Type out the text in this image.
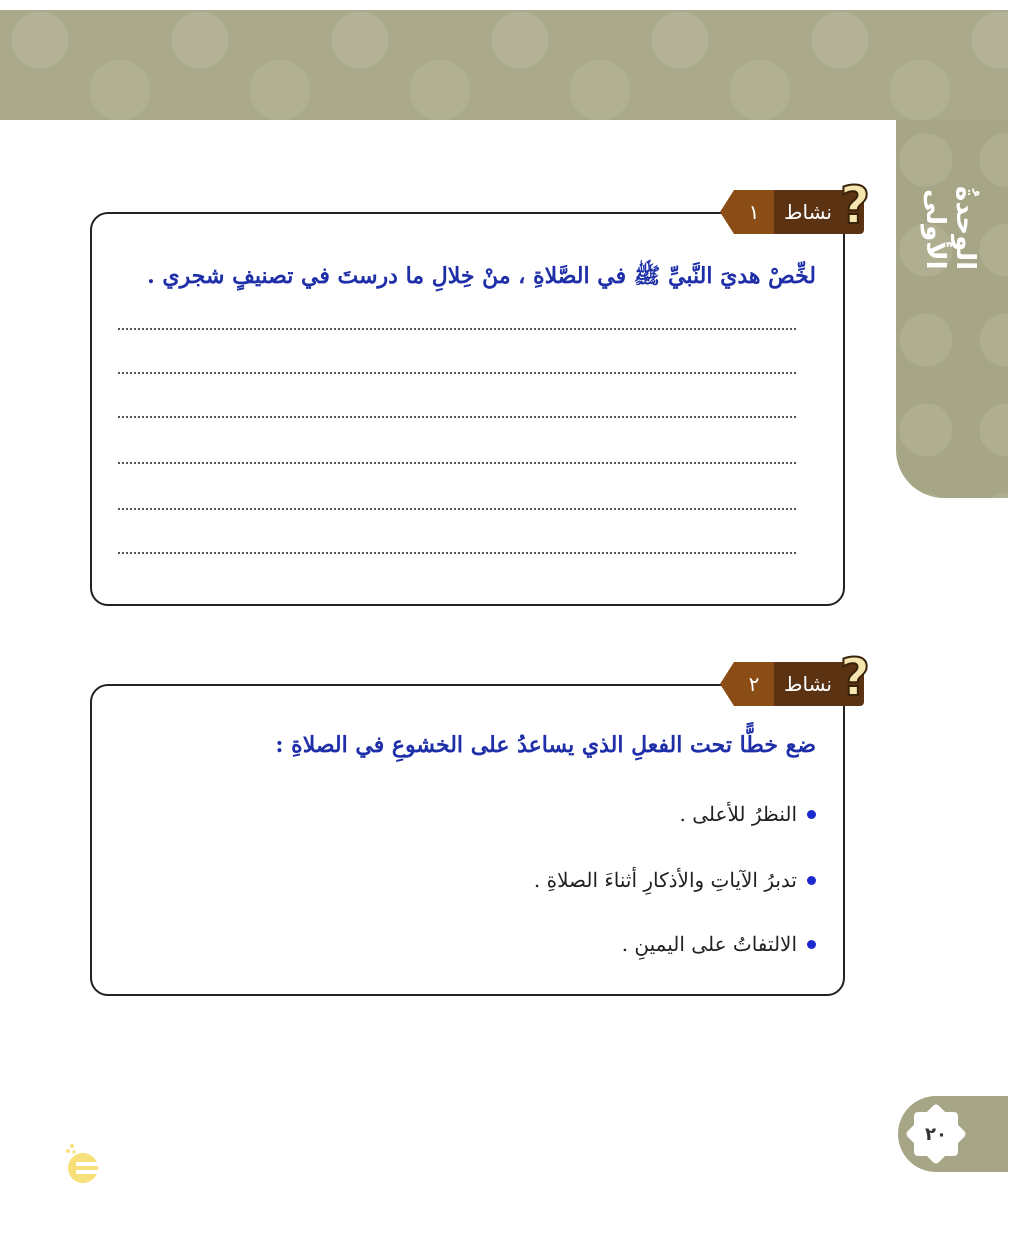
الوحدةُ الأولى
١	نشاط ?
لخِّصْ هديَ النَّبيِّ ﷺ في الصَّلاةِ ، منْ خِلالِ ما درستَ في تصنيفٍ شجري .
٢	نشاط ?
ضع خطًّا تحت الفعلِ الذي يساعدُ على الخشوعِ في الصلاةِ :
النظرُ للأعلى .
تدبرُ الآياتِ والأذكارِ أثناءَ الصلاةِ .
الالتفاتُ على اليمينِ .
٢٠
